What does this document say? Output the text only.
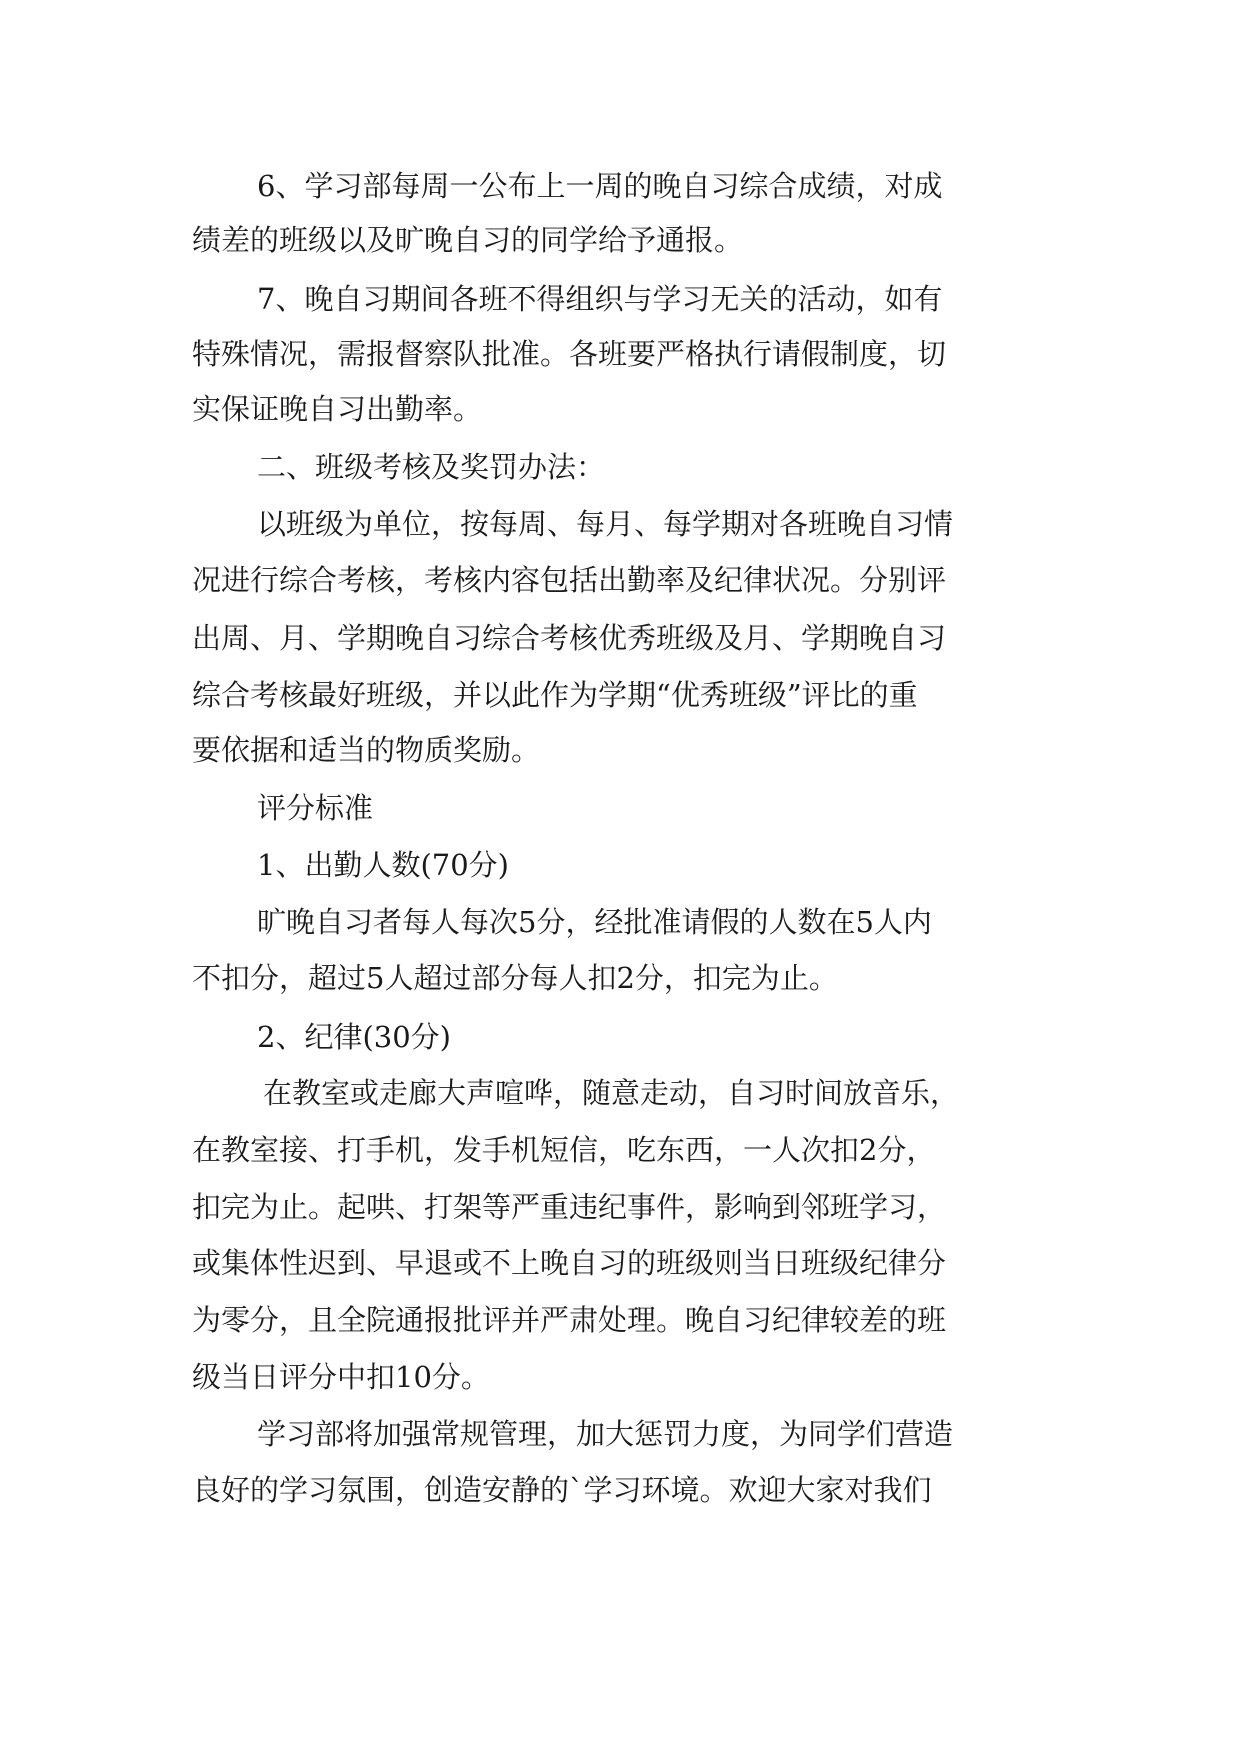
6、学习部每周一公布上一周的晚自习综合成绩，对成

绩差的班级以及旷晚自习的同学给予通报。

7、晚自习期间各班不得组织与学习无关的活动，如有

特殊情况，需报督察队批准。各班要严格执行请假制度，切

实保证晚自习出勤率。

二、班级考核及奖罚办法：

以班级为单位，按每周、每月、每学期对各班晚自习情

况进行综合考核，考核内容包括出勤率及纪律状况。分别评

出周、月、学期晚自习综合考核优秀班级及月、学期晚自习

综合考核最好班级，并以此作为学期“优秀班级”评比的重

要依据和适当的物质奖励。

评分标准

1、出勤人数(70分)

旷晚自习者每人每次5分，经批准请假的人数在5人内

不扣分，超过5人超过部分每人扣2分，扣完为止。

2、纪律(30分)

在教室或走廊大声喧哗，随意走动，自习时间放音乐，

在教室接、打手机，发手机短信，吃东西，一人次扣2分，

扣完为止。起哄、打架等严重违纪事件，影响到邻班学习，

或集体性迟到、早退或不上晚自习的班级则当日班级纪律分

为零分，且全院通报批评并严肃处理。晚自习纪律较差的班

级当日评分中扣10分。

学习部将加强常规管理，加大惩罚力度，为同学们营造

良好的学习氛围，创造安静的`学习环境。欢迎大家对我们
